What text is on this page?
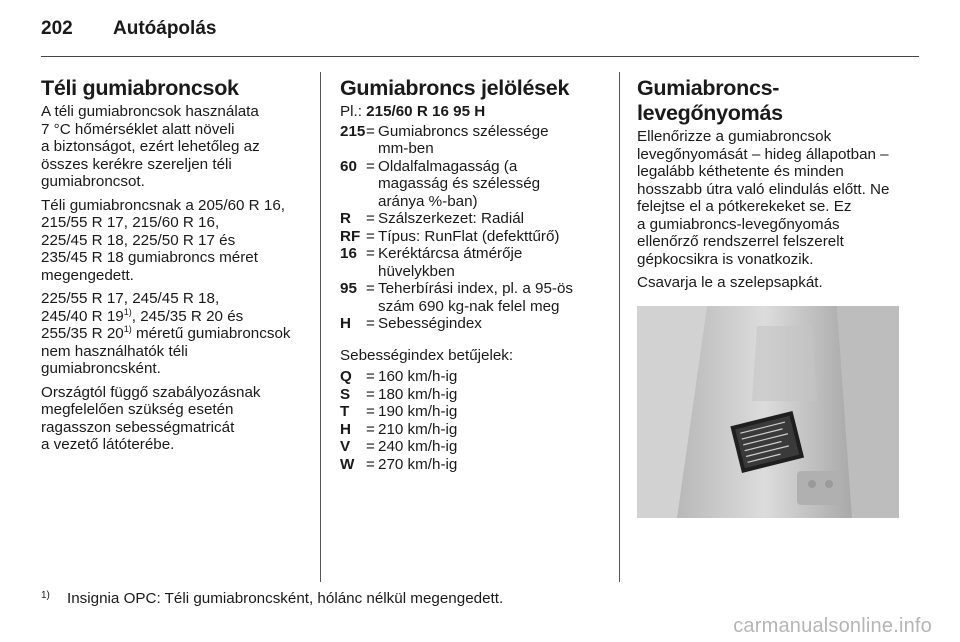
202 Autóápolás
Téli gumiabroncsok

A téli gumiabroncsok használata
7 °C hőmérséklet alatt növeli
a biztonságot, ezért lehetőleg az
összes kerékre szereljen téli
gumiabroncsot.

Téli gumiabroncsnak a 205/60 R 16,
215/55 R 17, 215/60 R 16,
225/45 R 18, 225/50 R 17 és
235/45 R 18 gumiabroncs méret
megengedett.

225/55 R 17, 245/45 R 18,
245/40 R 19$^{1)}$, 245/35 R 20 és
255/35 R 20$^{1)}$ méretű gumiabroncsok
nem használhatók téli
gumiabroncsként.

Országtól függő szabályozásnak
megfelelően szükség esetén
ragasszon sebességmatricát
a vezető látóterébe.

Gumiabroncs jelölések

Pl.: 215/60 R 16 95 H

215	=	Gumiabroncs szélessége
mm-ben
60	=	Oldalfalmagasság (a
magasság és szélesség
aránya %-ban)
R	=	Szálszerkezet: Radiál
RF	=	Típus: RunFlat (defekttűrő)
16	=	Keréktárcsa átmérője
hüvelykben
95	=	Teherbírási index, pl. a 95-ös
szám 690 kg-nak felel meg
H	=	Sebességindex

Sebességindex betűjelek:

Q	=	160 km/h-ig
S	=	180 km/h-ig
T	=	190 km/h-ig
H	=	210 km/h-ig
V	=	240 km/h-ig
W	=	270 km/h-ig
Gumiabroncs-
levegőnyomás

Ellenőrizze a gumiabroncsok
levegőnyomását – hideg állapotban –
legalább kéthetente és minden
hosszabb útra való elindulás előtt. Ne
felejtse el a pótkerekeket se. Ez
a gumiabroncs-levegőnyomás
ellenőrző rendszerrel felszerelt
gépkocsikra is vonatkozik.

Csavarja le a szelepsapkát.

1) Insignia OPC: Téli gumiabroncsként, hólánc nélkül megengedett.
carmanualsonline.info
